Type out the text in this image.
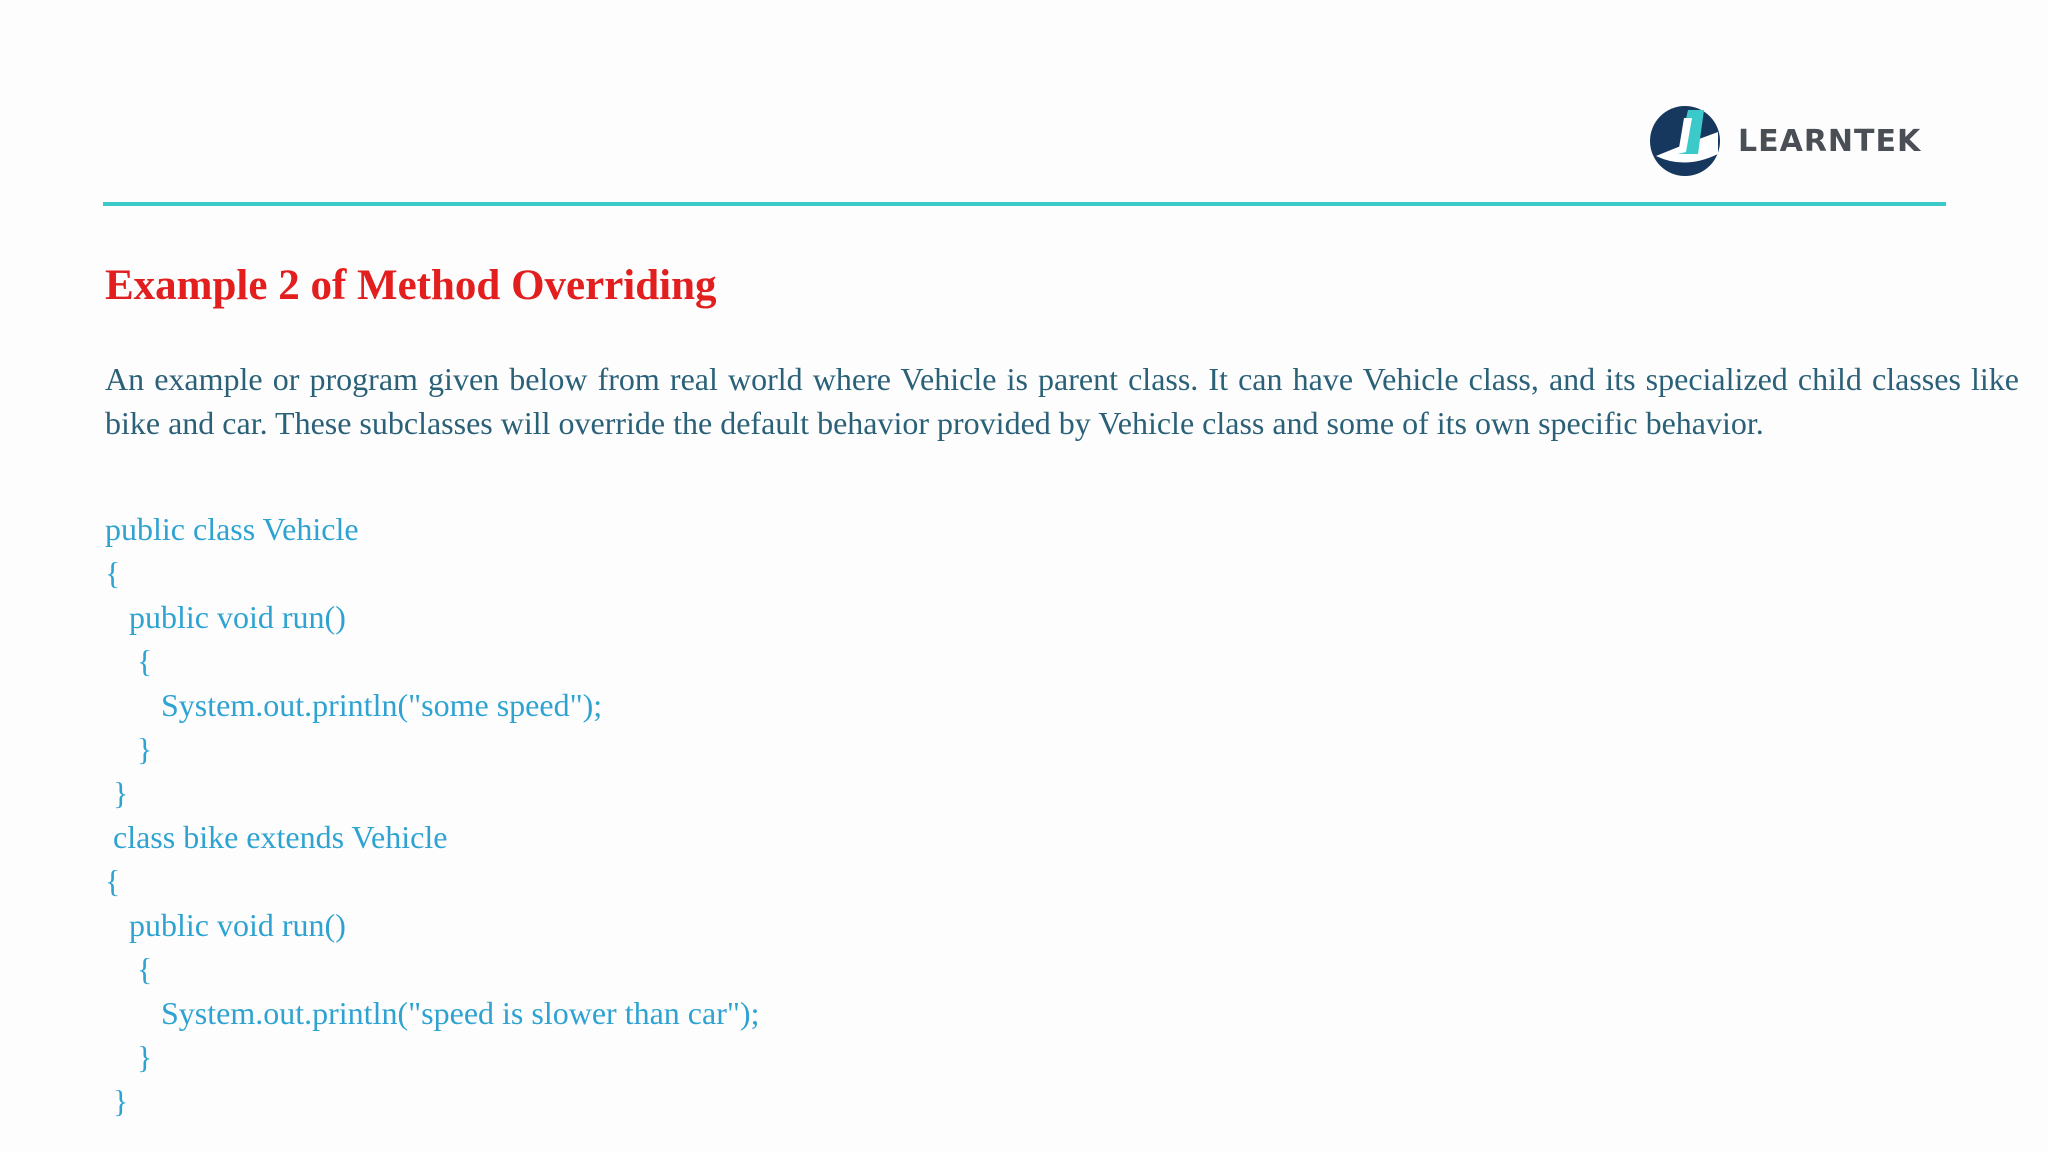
LEARNTEK
Example 2 of Method Overriding

An example or program given below from real world where Vehicle is parent class. It can have Vehicle class, and its specialized child classes like bike and car. These subclasses will override the default behavior provided by Vehicle class and some of its own specific behavior.

public class Vehicle
{
public void run()
{
System.out.println("some speed");
}
}
class bike extends Vehicle
{
public void run()
{
System.out.println("speed is slower than car");
}
}
